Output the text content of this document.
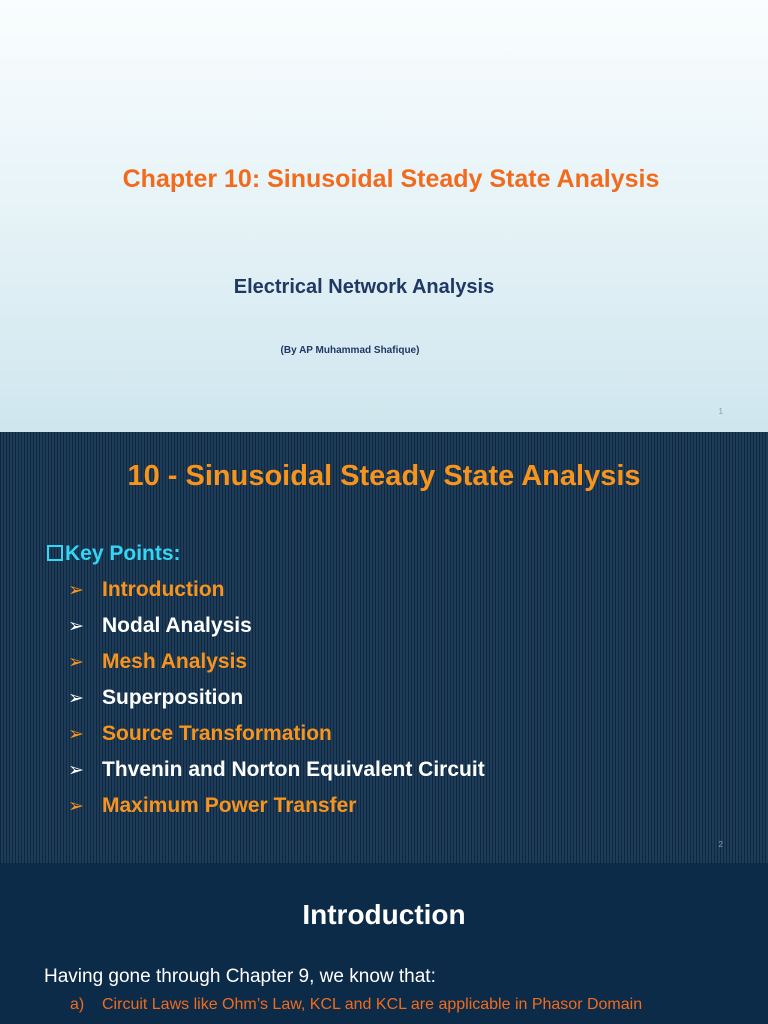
Chapter 10: Sinusoidal Steady State Analysis
Electrical Network Analysis
(By AP Muhammad Shafique)
1
10 - Sinusoidal Steady State Analysis
Key Points:
➢ Introduction
➢ Nodal Analysis
➢ Mesh Analysis
➢ Superposition
➢ Source Transformation
➢ Thvenin and Norton Equivalent Circuit
➢ Maximum Power Transfer
2
Introduction
Having gone through Chapter 9, we know that:
a) Circuit Laws like Ohm’s Law, KCL and KCL are applicable in Phasor Domain
